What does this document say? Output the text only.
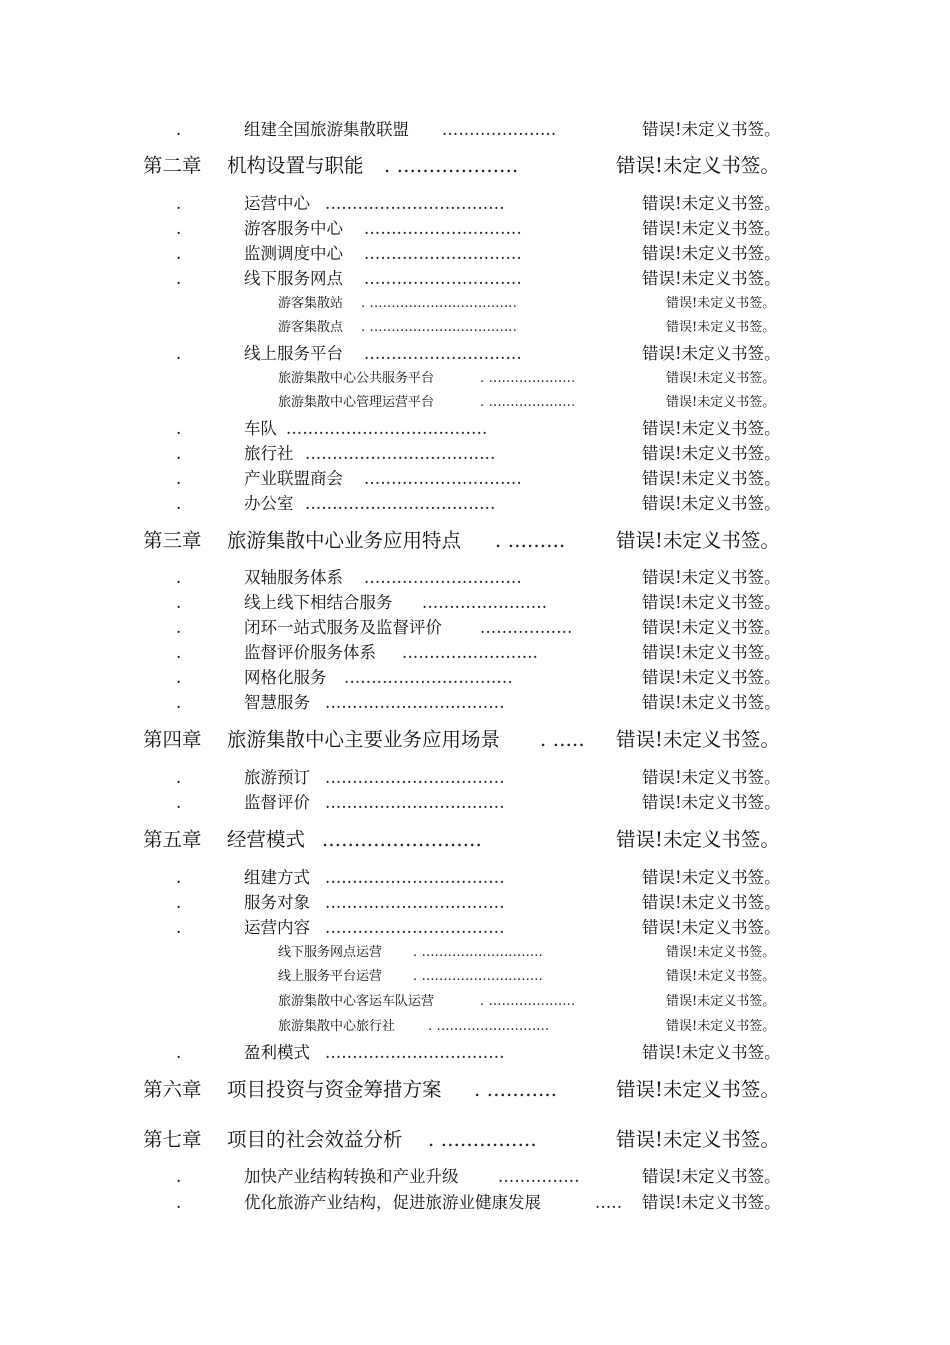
.	组建全国旅游集散联盟 .....................	错误!未定义书签。
第二章 机构设置与职能 . ...................	错误!未定义书签。
.	运营中心 .................................	错误!未定义书签。
.	游客服务中心 .............................	错误!未定义书签。
.	监测调度中心 .............................	错误!未定义书签。
.	线下服务网点 .............................	错误!未定义书签。
游客集散站 . ..................................	错误!未定义书签。
游客集散点 . ..................................	错误!未定义书签。
.	线上服务平台 .............................	错误!未定义书签。
旅游集散中心公共服务平台	. ....................	错误!未定义书签。
旅游集散中心管理运营平台	. ....................	错误!未定义书签。
.	车队 .....................................	错误!未定义书签。
.	旅行社 ...................................	错误!未定义书签。
.	产业联盟商会 .............................	错误!未定义书签。
.	办公室 ...................................	错误!未定义书签。
第三章 旅游集散中心业务应用特点 . .........	错误!未定义书签。
.	双轴服务体系 .............................	错误!未定义书签。
.	线上线下相结合服务 .......................	错误!未定义书签。
.	闭环一站式服务及监督评价 .................	错误!未定义书签。
.	监督评价服务体系 .........................	错误!未定义书签。
.	网格化服务 ...............................	错误!未定义书签。
.	智慧服务 .................................	错误!未定义书签。
第四章 旅游集散中心主要业务应用场景 . ..... 错误!未定义书签。
.	旅游预订 .................................	错误!未定义书签。
.	监督评价 .................................	错误!未定义书签。
第五章 经营模式 .........................	错误!未定义书签。
.	组建方式 .................................	错误!未定义书签。
.	服务对象 .................................	错误!未定义书签。
.	运营内容 .................................	错误!未定义书签。
线下服务网点运营 . ............................	错误!未定义书签。
线上服务平台运营 . ............................	错误!未定义书签。
旅游集散中心客运车队运营	. ....................	错误!未定义书签。
旅游集散中心旅行社	. ..........................	错误!未定义书签。
.	盈利模式 .................................	错误!未定义书签。
第六章 项目投资与资金筹措方案 . ...........	错误!未定义书签。
第七章 项目的社会效益分析 . ...............	错误!未定义书签。
.	加快产业结构转换和产业升级 ...............	错误!未定义书签。
.	优化旅游产业结构，促进旅游业健康发展	..... 错误!未定义书签。
